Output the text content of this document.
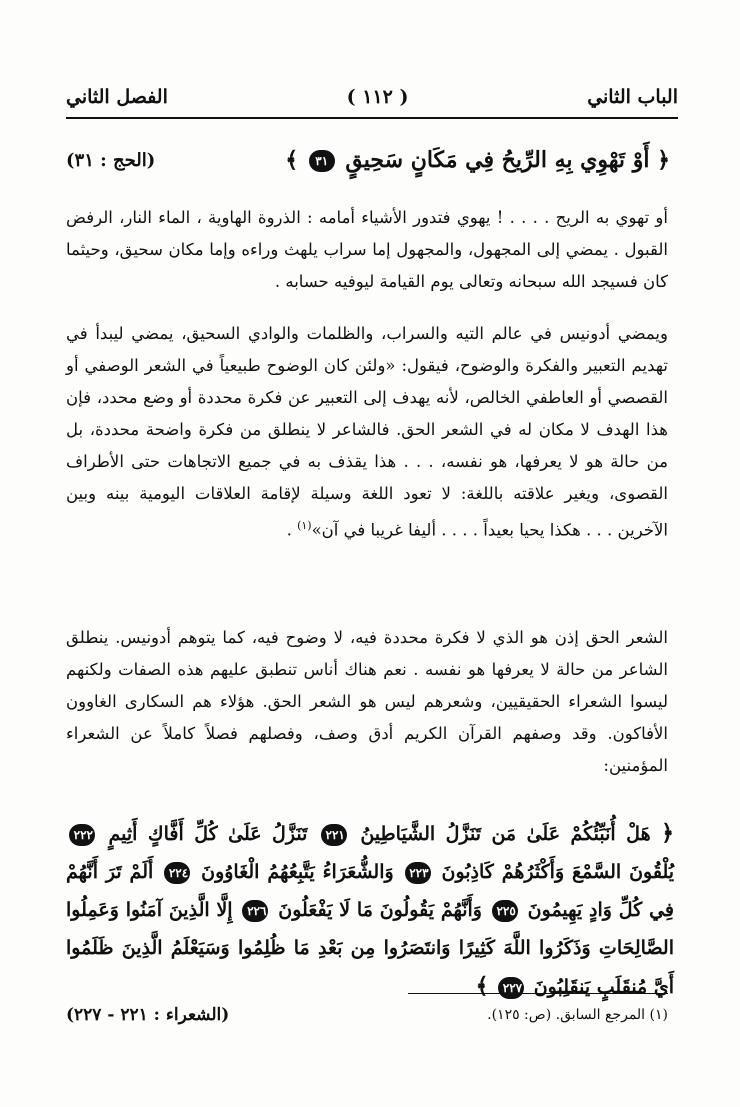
الباب الثاني
( ١١٢ )
الفصل الثاني
﴿ أَوْ تَهْوِي بِهِ الرِّيحُ فِي مَكَانٍ سَحِيقٍ ٣١ ﴾
(الحج : ٣١)

أو تهوي به الريح . . . . ! يهوي فتدور الأشياء أمامه : الذروة الهاوية ، الماء النار، الرفض القبول . يمضي إلى المجهول، والمجهول إما سراب يلهث وراءه وإما مكان سحيق، وحيثما كان فسيجد الله سبحانه وتعالى يوم القيامة ليوفيه حسابه .

ويمضي أدونيس في عالم التيه والسراب، والظلمات والوادي السحيق، يمضي ليبدأ في تهديم التعبير والفكرة والوضوح، فيقول: «ولئن كان الوضوح طبيعياً في الشعر الوصفي أو القصصي أو العاطفي الخالص، لأنه يهدف إلى التعبير عن فكرة محددة أو وضع محدد، فإن هذا الهدف لا مكان له في الشعر الحق. فالشاعر لا ينطلق من فكرة واضحة محددة، بل من حالة هو لا يعرفها، هو نفسه، . . . هذا يقذف به في جميع الاتجاهات حتى الأطراف القصوى، ويغير علاقته باللغة: لا تعود اللغة وسيلة لإقامة العلاقات اليومية بينه وبين الآخرين . . . هكذا يحيا بعيداً . . . . أليفا غريبا في آن»$^{(١)}$ .

الشعر الحق إذن هو الذي لا فكرة محددة فيه، لا وضوح فيه، كما يتوهم أدونيس. ينطلق الشاعر من حالة لا يعرفها هو نفسه . نعم هناك أناس تنطبق عليهم هذه الصفات ولكنهم ليسوا الشعراء الحقيقيين، وشعرهم ليس هو الشعر الحق. هؤلاء هم السكارى الغاوون الأفاكون. وقد وصفهم القرآن الكريم أدق وصف، وفصلهم فصلاً كاملاً عن الشعراء المؤمنين:

﴿ هَلْ أُنَبِّئُكُمْ عَلَىٰ مَن تَنَزَّلُ الشَّيَاطِينُ ٢٢١ تَنَزَّلُ عَلَىٰ كُلِّ أَفَّاكٍ أَثِيمٍ ٢٢٢ يُلْقُونَ السَّمْعَ وَأَكْثَرُهُمْ كَاذِبُونَ ٢٢٣ وَالشُّعَرَاءُ يَتَّبِعُهُمُ الْغَاوُونَ ٢٢٤ أَلَمْ تَرَ أَنَّهُمْ فِي كُلِّ وَادٍ يَهِيمُونَ ٢٢٥ وَأَنَّهُمْ يَقُولُونَ مَا لَا يَفْعَلُونَ ٢٢٦ إِلَّا الَّذِينَ آمَنُوا وَعَمِلُوا الصَّالِحَاتِ وَذَكَرُوا اللَّهَ كَثِيرًا وَانتَصَرُوا مِن بَعْدِ مَا ظُلِمُوا وَسَيَعْلَمُ الَّذِينَ ظَلَمُوا أَيَّ مُنقَلَبٍ يَنقَلِبُونَ ٢٢٧ ﴾
(١) المرجع السابق. (ص: ١٢٥).
(الشعراء : ٢٢١ - ٢٢٧)
